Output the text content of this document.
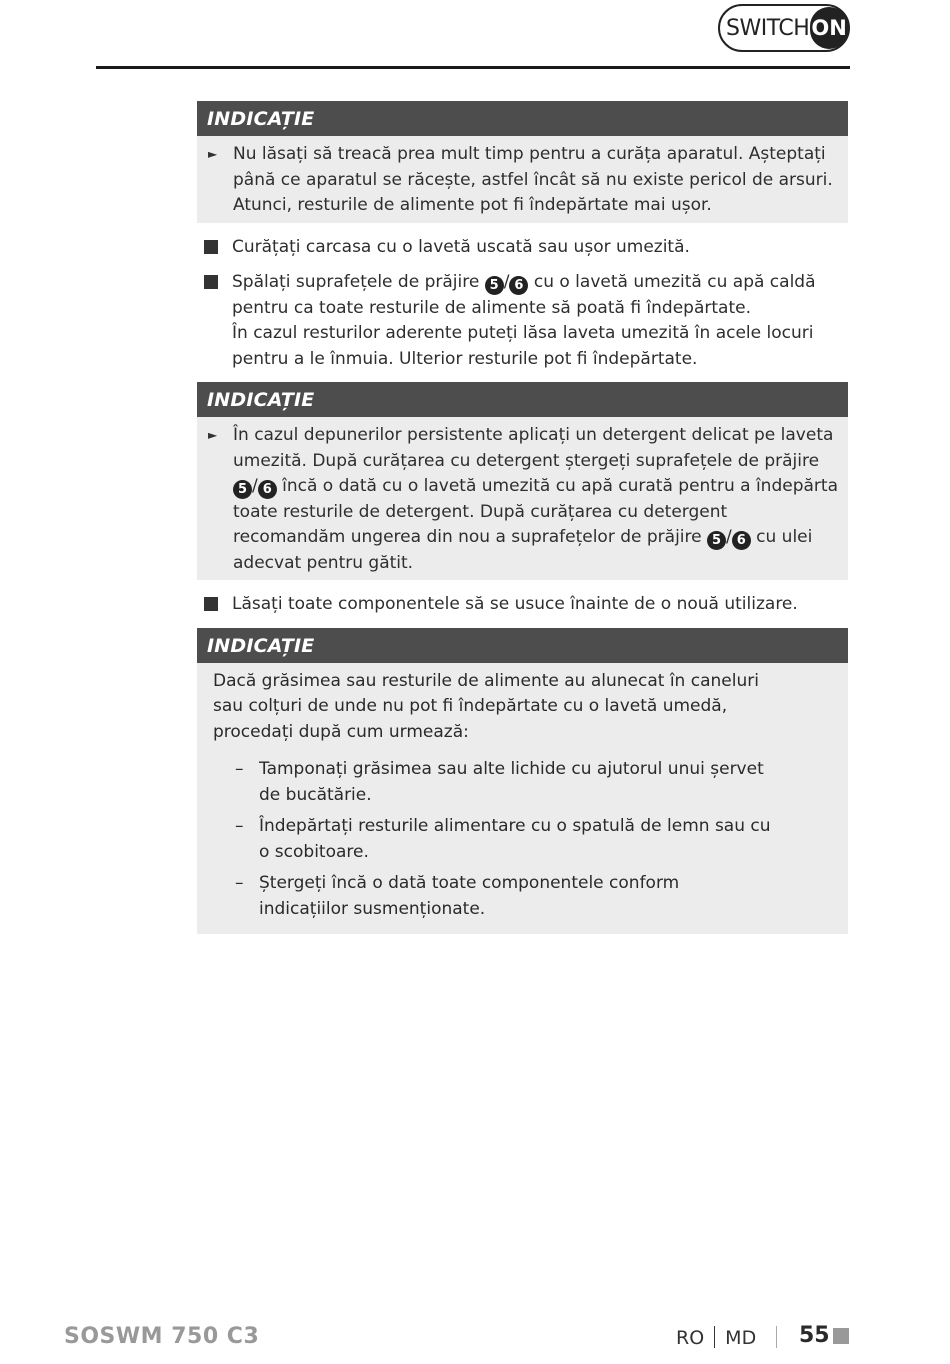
SWITCH ON
INDICAȚIE
► Nu lăsați să treacă prea mult timp pentru a curăța aparatul. Așteptați până ce aparatul se răcește, astfel încât să nu existe pericol de arsuri. Atunci, resturile de alimente pot fi îndepărtate mai ușor.
Curățați carcasa cu o lavetă uscată sau ușor umezită.
Spălați suprafețele de prăjire 5 / 6 cu o lavetă umezită cu apă caldă pentru ca toate resturile de alimente să poată fi îndepărtate.
În cazul resturilor aderente puteți lăsa laveta umezită în acele locuri pentru a le înmuia. Ulterior resturile pot fi îndepărtate.
INDICAȚIE
► În cazul depunerilor persistente aplicați un detergent delicat pe laveta umezită. După curățarea cu detergent ștergeți suprafețele de prăjire 5 / 6 încă o dată cu o lavetă umezită cu apă curată pentru a îndepărta toate resturile de detergent. După curățarea cu detergent recomandăm ungerea din nou a suprafețelor de prăjire 5 / 6 cu ulei adecvat pentru gătit.
Lăsați toate componentele să se usuce înainte de o nouă utilizare.
INDICAȚIE
Dacă grăsimea sau resturile de alimente au alunecat în caneluri sau colțuri de unde nu pot fi îndepărtate cu o lavetă umedă, procedați după cum urmează:
– Tamponați grăsimea sau alte lichide cu ajutorul unui șervet de bucătărie.
– Îndepărtați resturile alimentare cu o spatulă de lemn sau cu o scobitoare.
– Ștergeți încă o dată toate componentele conform indicațiilor susmenționate.
SOSWM 750 C3	RO MD 55
